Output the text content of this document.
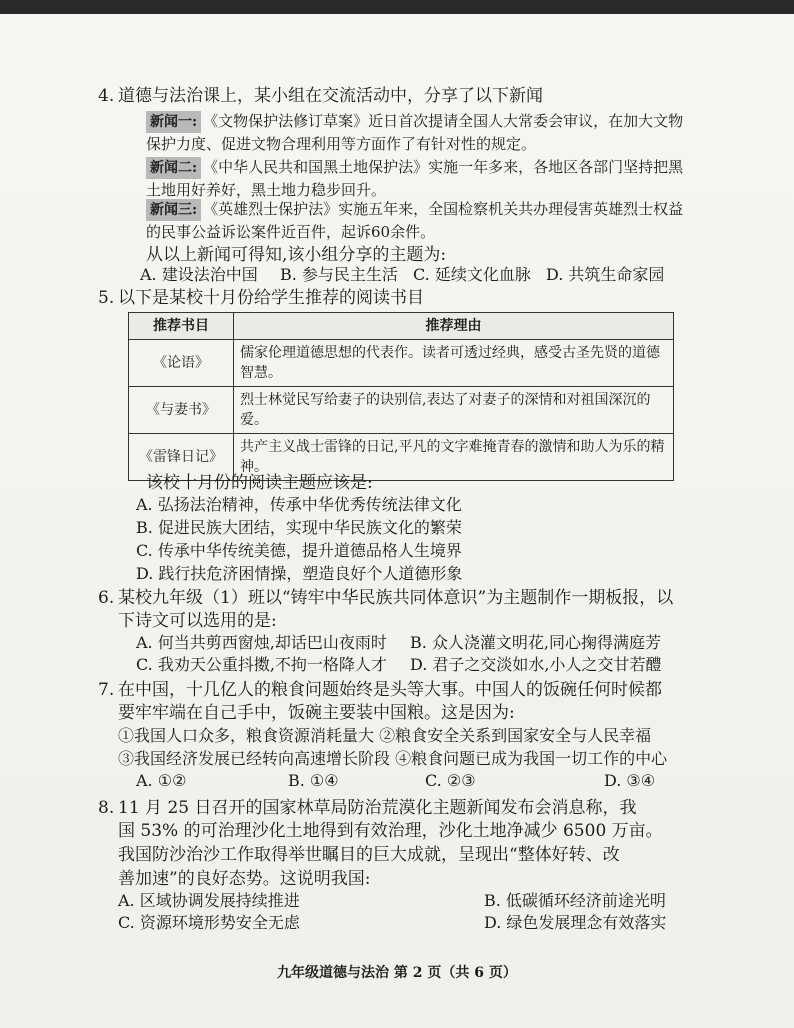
4. 道德与法治课上，某小组在交流活动中，分享了以下新闻
新闻一: 《文物保护法修订草案》近日首次提请全国人大常委会审议，在加大文物保护力度、促进文物合理利用等方面作了有针对性的规定。
新闻二: 《中华人民共和国黑土地保护法》实施一年多来，各地区各部门坚持把黑土地用好养好，黑土地力稳步回升。
新闻三: 《英雄烈士保护法》实施五年来，全国检察机关共办理侵害英雄烈士权益的民事公益诉讼案件近百件，起诉60余件。
从以上新闻可得知,该小组分享的主题为:
A. 建设法治中国 B. 参与民主生活 C. 延续文化血脉 D. 共筑生命家园
5. 以下是某校十月份给学生推荐的阅读书目
推荐书目	推荐理由
《论语》	儒家伦理道德思想的代表作。读者可透过经典，感受古圣先贤的道德智慧。
《与妻书》	烈士林觉民写给妻子的诀别信,表达了对妻子的深情和对祖国深沉的爱。
《雷锋日记》	共产主义战士雷锋的日记,平凡的文字难掩青春的激情和助人为乐的精神。
该校十月份的阅读主题应该是:
A. 弘扬法治精神，传承中华优秀传统法律文化
B. 促进民族大团结，实现中华民族文化的繁荣
C. 传承中华传统美德，提升道德品格人生境界
D. 践行扶危济困情操，塑造良好个人道德形象
6. 某校九年级（1）班以“铸牢中华民族共同体意识”为主题制作一期板报，以
下诗文可以选用的是:
A. 何当共剪西窗烛,却话巴山夜雨时 B. 众人浇灌文明花,同心掬得满庭芳
C. 我劝天公重抖擞,不拘一格降人才 D. 君子之交淡如水,小人之交甘若醴
7. 在中国，十几亿人的粮食问题始终是头等大事。中国人的饭碗任何时候都
要牢牢端在自己手中，饭碗主要装中国粮。这是因为:
①我国人口众多，粮食资源消耗量大 ②粮食安全关系到国家安全与人民幸福
③我国经济发展已经转向高速增长阶段 ④粮食问题已成为我国一切工作的中心
A. ①②	B. ①④	C. ②③	D. ③④
8. 11 月 25 日召开的国家林草局防治荒漠化主题新闻发布会消息称，我
国 53% 的可治理沙化土地得到有效治理，沙化土地净减少 6500 万亩。
我国防沙治沙工作取得举世瞩目的巨大成就，呈现出“整体好转、改
善加速”的良好态势。这说明我国:
A. 区域协调发展持续推进	B. 低碳循环经济前途光明
C. 资源环境形势安全无虑	D. 绿色发展理念有效落实
九年级道德与法治 第 2 页（共 6 页）
